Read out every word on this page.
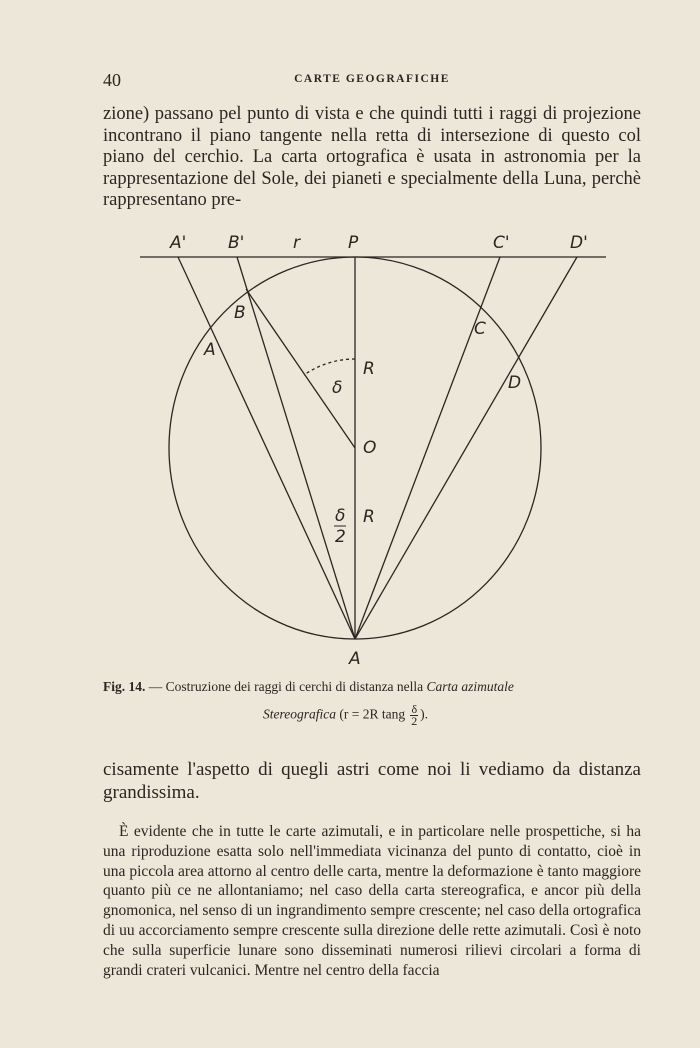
40	CARTE GEOGRAFICHE

zione) passano pel punto di vista e che quindi tutti i raggi di projezione incontrano il piano tangente nella retta di intersezione di questo col piano del cerchio. La carta ortografica è usata in astronomia per la rappresentazione del Sole, dei pianeti e specialmente della Luna, perchè rappresentano pre-

A' B'	r	P	C'	D'
A
B
C
D
R
δ
O
δ
2
R
A
Fig. 14. — Costruzione dei raggi di cerchi di distanza nella Carta azimutale
Stereografica (r = 2R tang $\frac{\delta}{2}$ ).

cisamente l'aspetto di quegli astri come noi li vediamo da distanza grandissima.

È evidente che in tutte le carte azimutali, e in particolare nelle prospettiche, si ha una riproduzione esatta solo nell'immediata vicinanza del punto di contatto, cioè in una piccola area attorno al centro delle carta, mentre la deformazione è tanto maggiore quanto più ce ne allontaniamo; nel caso della carta stereografica, e ancor più della gnomonica, nel senso di un ingrandimento sempre crescente; nel caso della ortografica di uu accorciamento sempre crescente sulla direzione delle rette azimutali. Così è noto che sulla superficie lunare sono disseminati numerosi rilievi circolari a forma di grandi crateri vulcanici. Mentre nel centro della faccia
